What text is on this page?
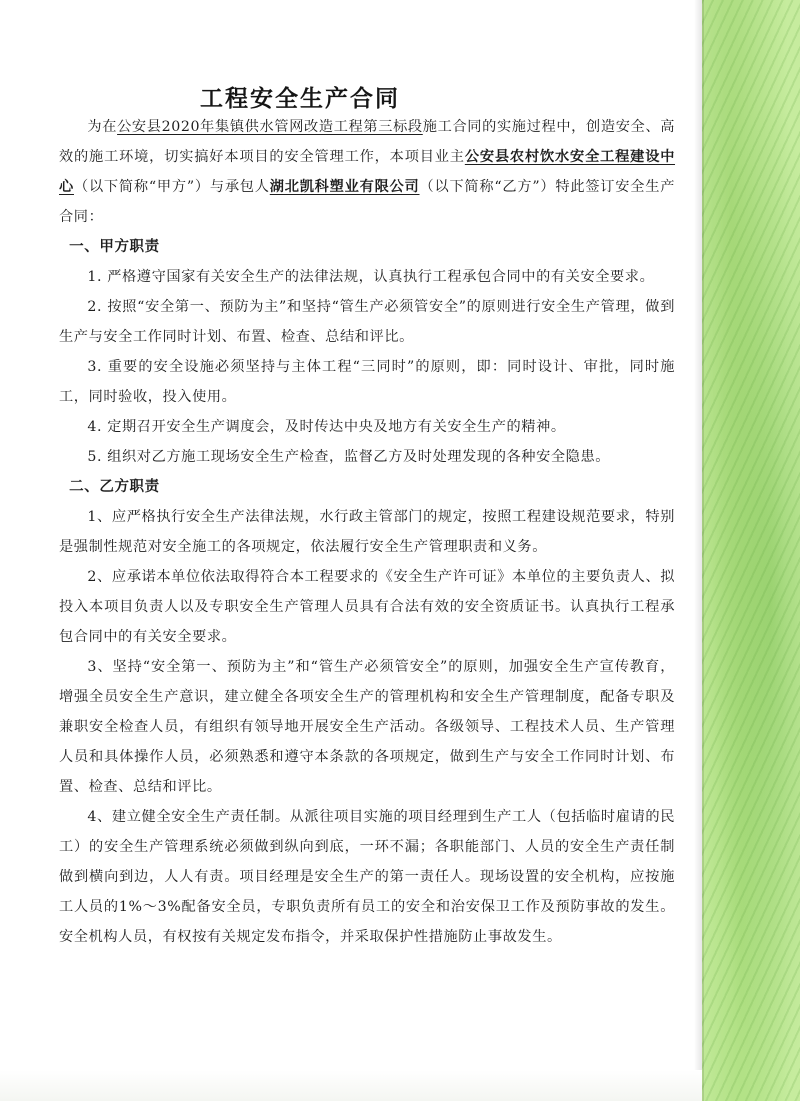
工程安全生产合同

为在公安县2020年集镇供水管网改造工程第三标段施工合同的实施过程中，创造安全、高效的施工环境，切实搞好本项目的安全管理工作，本项目业主公安县农村饮水安全工程建设中心（以下简称“甲方”）与承包人湖北凯科塑业有限公司（以下简称“乙方”）特此签订安全生产合同：

一、甲方职责

1. 严格遵守国家有关安全生产的法律法规，认真执行工程承包合同中的有关安全要求。

2. 按照“安全第一、预防为主”和坚持“管生产必须管安全”的原则进行安全生产管理，做到生产与安全工作同时计划、布置、检查、总结和评比。

3. 重要的安全设施必须坚持与主体工程“三同时”的原则，即：同时设计、审批，同时施工，同时验收，投入使用。

4. 定期召开安全生产调度会，及时传达中央及地方有关安全生产的精神。

5. 组织对乙方施工现场安全生产检查，监督乙方及时处理发现的各种安全隐患。

二、乙方职责

1、应严格执行安全生产法律法规，水行政主管部门的规定，按照工程建设规范要求，特别是强制性规范对安全施工的各项规定，依法履行安全生产管理职责和义务。

2、应承诺本单位依法取得符合本工程要求的《安全生产许可证》本单位的主要负责人、拟投入本项目负责人以及专职安全生产管理人员具有合法有效的安全资质证书。认真执行工程承包合同中的有关安全要求。

3、坚持“安全第一、预防为主”和“管生产必须管安全”的原则，加强安全生产宣传教育，增强全员安全生产意识，建立健全各项安全生产的管理机构和安全生产管理制度，配备专职及兼职安全检查人员，有组织有领导地开展安全生产活动。各级领导、工程技术人员、生产管理人员和具体操作人员，必须熟悉和遵守本条款的各项规定，做到生产与安全工作同时计划、布置、检查、总结和评比。

4、建立健全安全生产责任制。从派往项目实施的项目经理到生产工人（包括临时雇请的民工）的安全生产管理系统必须做到纵向到底，一环不漏；各职能部门、人员的安全生产责任制做到横向到边，人人有责。项目经理是安全生产的第一责任人。现场设置的安全机构，应按施工人员的1%～3%配备安全员，专职负责所有员工的安全和治安保卫工作及预防事故的发生。安全机构人员，有权按有关规定发布指令，并采取保护性措施防止事故发生。
